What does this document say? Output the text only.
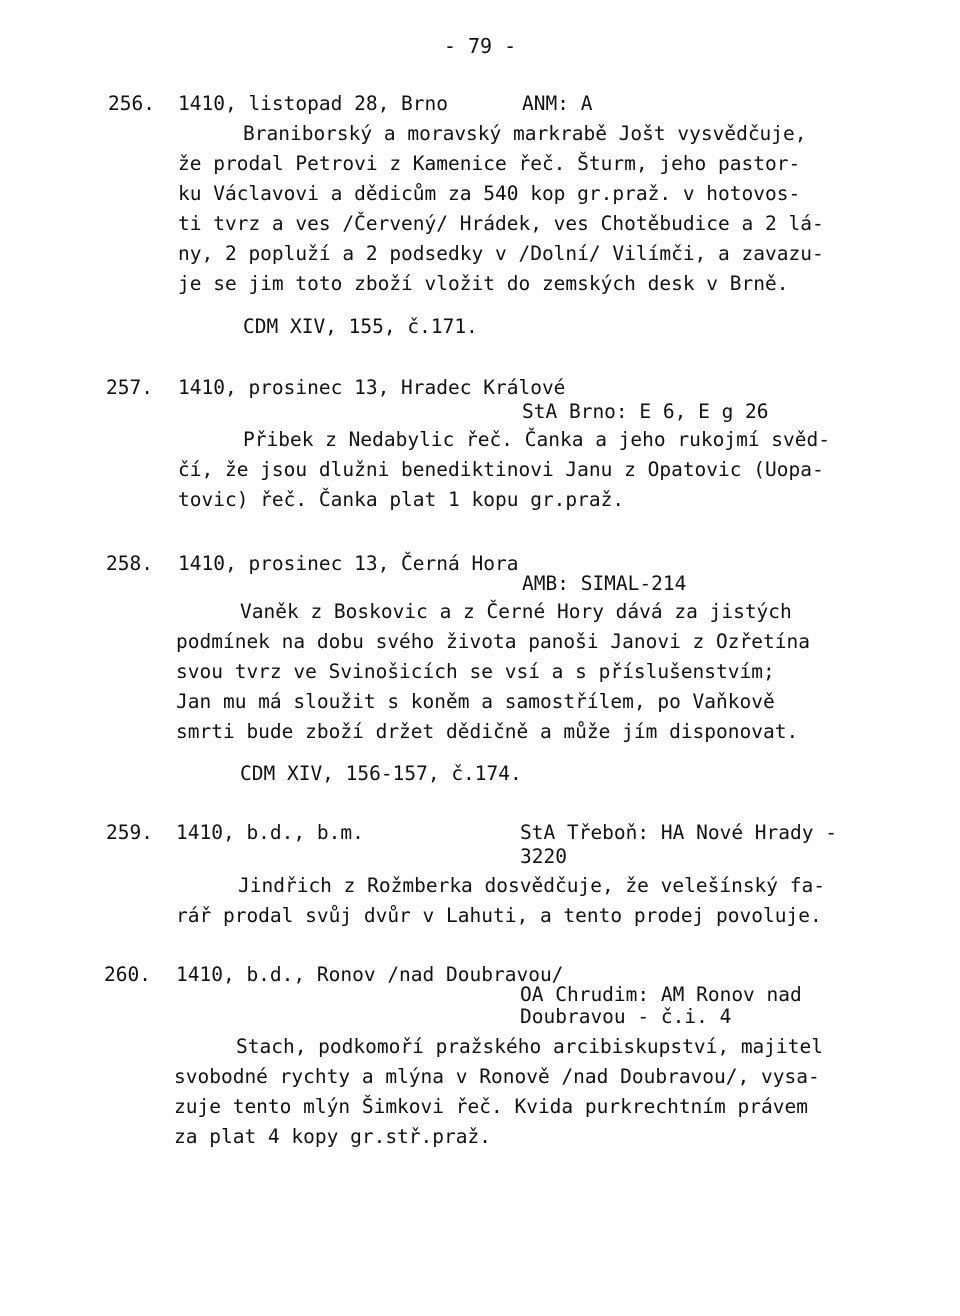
- 79 -
256. 1410, listopad 28, Brno	ANM: A
Braniborský a moravský markrabě Jošt vysvědčuje,
že prodal Petrovi z Kamenice řeč. Šturm, jeho pastor-
ku Václavovi a dědicům za 540 kop gr.praž. v hotovos-
ti tvrz a ves /Červený/ Hrádek, ves Chotěbudice a 2 lá-
ny, 2 popluží a 2 podsedky v /Dolní/ Vilímči, a zavazu-
je se jim toto zboží vložit do zemských desk v Brně.
CDM XIV, 155, č.171.
257. 1410, prosinec 13, Hradec Králové
StA Brno: E 6, E g 26
Přibek z Nedabylic řeč. Čanka a jeho rukojmí svěd-
čí, že jsou dlužni benediktinovi Janu z Opatovic (Uopa-
tovic) řeč. Čanka plat 1 kopu gr.praž.
258. 1410, prosinec 13, Černá Hora
AMB: SIMAL-214
Vaněk z Boskovic a z Černé Hory dává za jistých
podmínek na dobu svého života panoši Janovi z Ozřetína
svou tvrz ve Svinošicích se vsí a s příslušenstvím;
Jan mu má sloužit s koněm a samostřílem, po Vaňkově
smrti bude zboží držet dědičně a může jím disponovat.
CDM XIV, 156-157, č.174.
259. 1410, b.d., b.m.	StA Třeboň: HA Nové Hrady -
3220
Jindřich z Rožmberka dosvědčuje, že velešínský fa-
rář prodal svůj dvůr v Lahuti, a tento prodej povoluje.
260. 1410, b.d., Ronov /nad Doubravou/
OA Chrudim: AM Ronov nad
Doubravou - č.i. 4
Stach, podkomoří pražského arcibiskupství, majitel
svobodné rychty a mlýna v Ronově /nad Doubravou/, vysa-
zuje tento mlýn Šimkovi řeč. Kvida purkrechtním právem
za plat 4 kopy gr.stř.praž.
